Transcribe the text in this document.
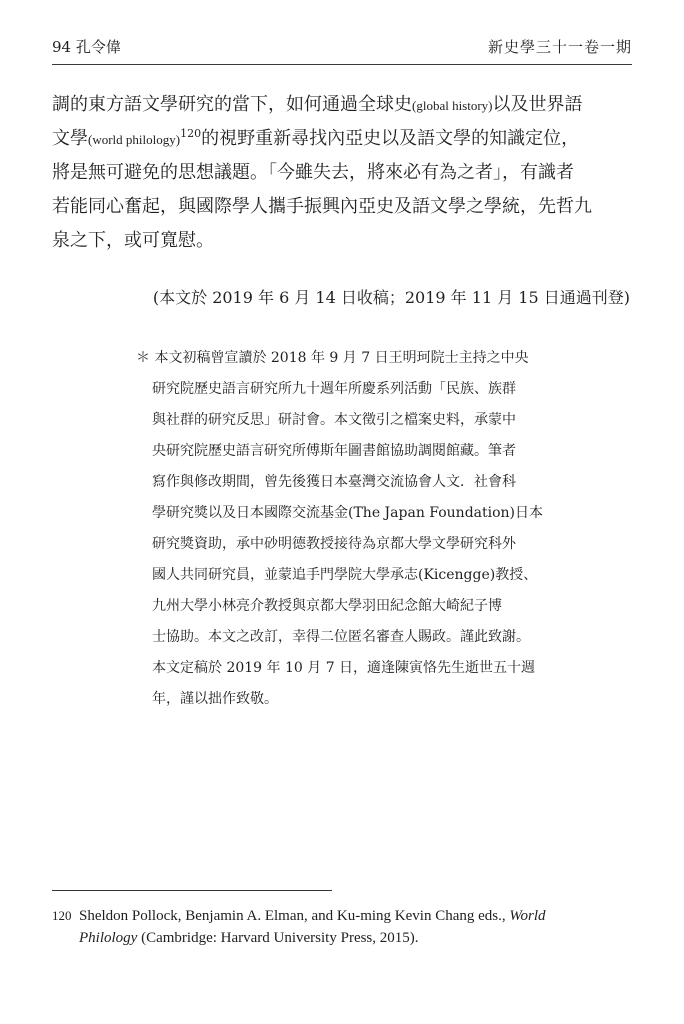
94 孔令偉	新史學三十一卷一期
調的東方語文學研究的當下，如何通過全球史(global history)以及世界語
文學(world philology)$^{120}$的視野重新尋找內亞史以及語文學的知識定位，
將是無可避免的思想議題。「今雖失去，將來必有為之者」，有識者
若能同心奮起，與國際學人攜手振興內亞史及語文學之學統，先哲九
泉之下，或可寬慰。
(本文於 2019 年 6 月 14 日收稿；2019 年 11 月 15 日通過刊登)
＊ 本文初稿曾宣讀於 2018 年 9 月 7 日王明珂院士主持之中央
研究院歷史語言研究所九十週年所慶系列活動「民族、族群
與社群的研究反思」研討會。本文徵引之檔案史料，承蒙中
央研究院歷史語言研究所傅斯年圖書館協助調閱館藏。筆者
寫作與修改期間，曾先後獲日本臺灣交流協會人文．社會科
學研究獎以及日本國際交流基金(The Japan Foundation)日本
研究獎資助，承中砂明德教授接待為京都大學文學研究科外
國人共同研究員，並蒙追手門學院大學承志(Kicengge)教授、
九州大學小林亮介教授與京都大學羽田紀念館大崎紀子博
士協助。本文之改訂，幸得二位匿名審查人賜政。謹此致謝。
本文定稿於 2019 年 10 月 7 日，適逢陳寅恪先生逝世五十週
年，謹以拙作致敬。
120 Sheldon Pollock, Benjamin A. Elman, and Ku-ming Kevin Chang eds., World
Philology (Cambridge: Harvard University Press, 2015).
